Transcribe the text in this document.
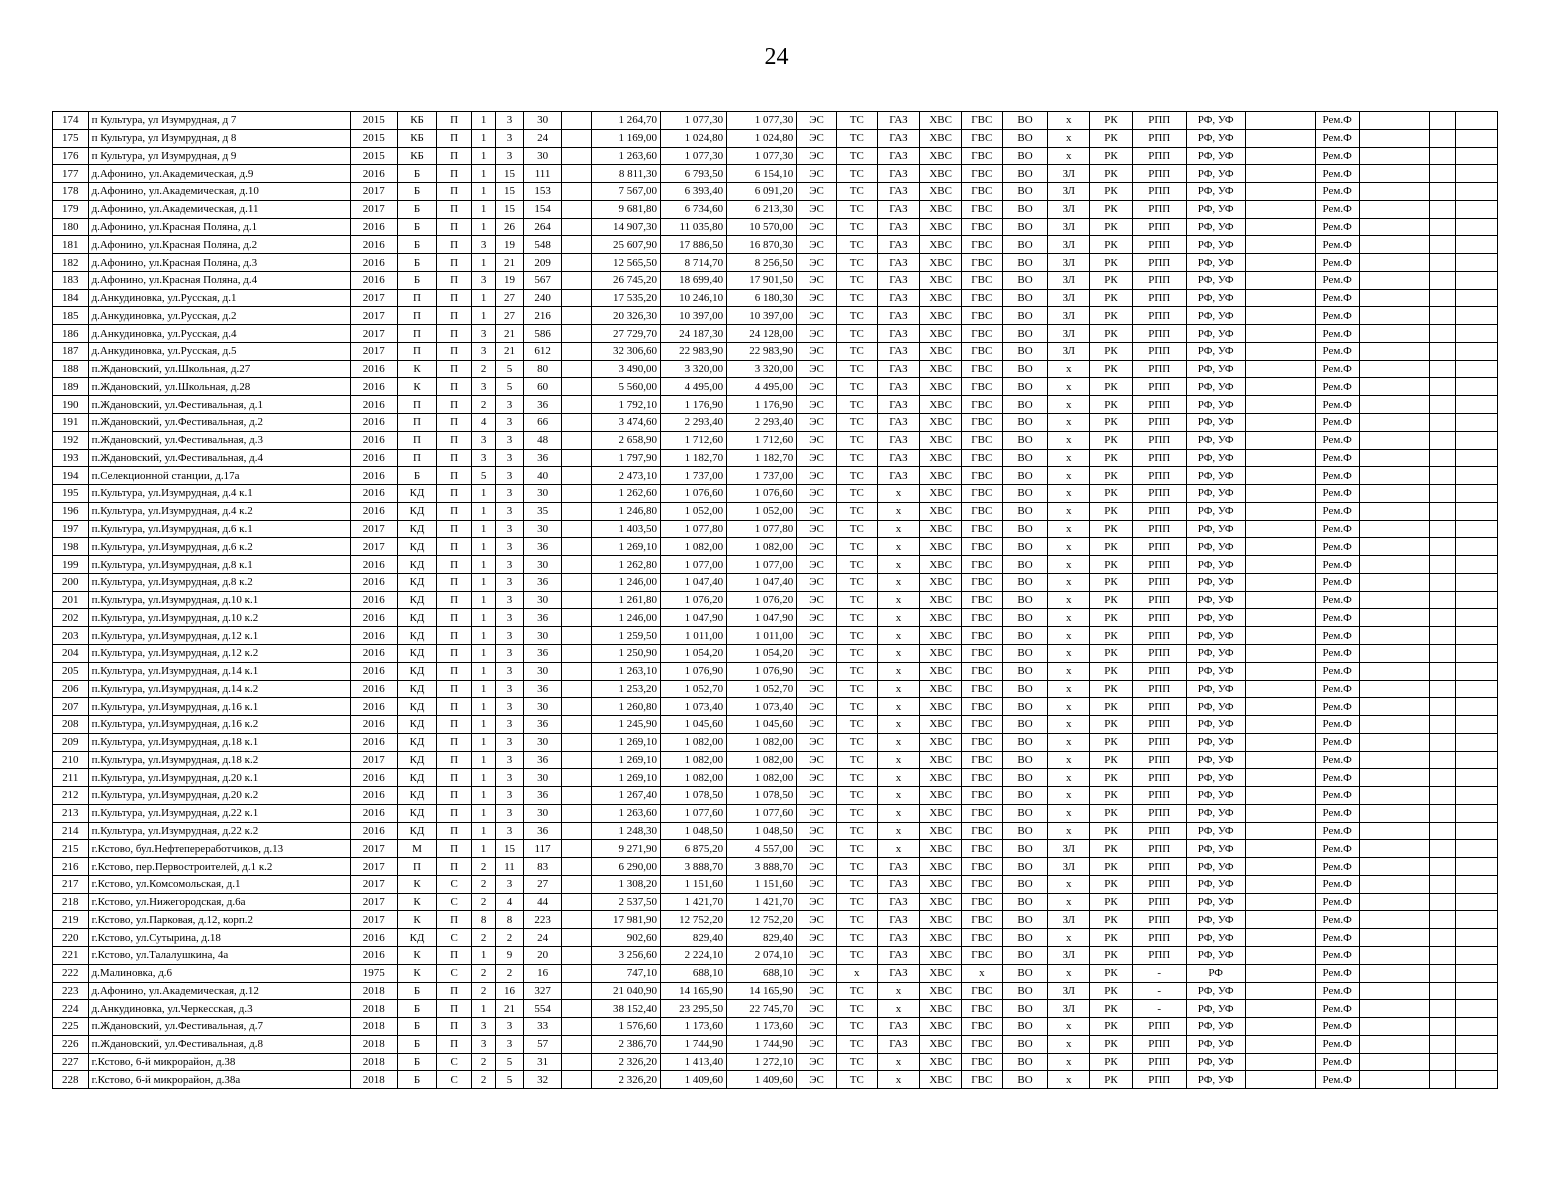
24
174	п Культура, ул Изумрудная, д 7	2015	КБ	П	1	3	30		1 264,70	1 077,30	1 077,30	ЭС	ТС	ГАЗ	ХВС	ГВС	ВО	х	РК	РПП	РФ, УФ		Рем.Ф			
175	п Культура, ул Изумрудная, д 8	2015	КБ	П	1	3	24		1 169,00	1 024,80	1 024,80	ЭС	ТС	ГАЗ	ХВС	ГВС	ВО	х	РК	РПП	РФ, УФ		Рем.Ф			
176	п Культура, ул Изумрудная, д 9	2015	КБ	П	1	3	30		1 263,60	1 077,30	1 077,30	ЭС	ТС	ГАЗ	ХВС	ГВС	ВО	х	РК	РПП	РФ, УФ		Рем.Ф			
177	д.Афонино, ул.Академическая, д.9	2016	Б	П	1	15	111		8 811,30	6 793,50	6 154,10	ЭС	ТС	ГАЗ	ХВС	ГВС	ВО	ЗЛ	РК	РПП	РФ, УФ		Рем.Ф			
178	д.Афонино, ул.Академическая, д.10	2017	Б	П	1	15	153		7 567,00	6 393,40	6 091,20	ЭС	ТС	ГАЗ	ХВС	ГВС	ВО	ЗЛ	РК	РПП	РФ, УФ		Рем.Ф			
179	д.Афонино, ул.Академическая, д.11	2017	Б	П	1	15	154		9 681,80	6 734,60	6 213,30	ЭС	ТС	ГАЗ	ХВС	ГВС	ВО	ЗЛ	РК	РПП	РФ, УФ		Рем.Ф			
180	д.Афонино, ул.Красная Поляна, д.1	2016	Б	П	1	26	264		14 907,30	11 035,80	10 570,00	ЭС	ТС	ГАЗ	ХВС	ГВС	ВО	ЗЛ	РК	РПП	РФ, УФ		Рем.Ф			
181	д.Афонино, ул.Красная Поляна, д.2	2016	Б	П	3	19	548		25 607,90	17 886,50	16 870,30	ЭС	ТС	ГАЗ	ХВС	ГВС	ВО	ЗЛ	РК	РПП	РФ, УФ		Рем.Ф			
182	д.Афонино, ул.Красная Поляна, д.3	2016	Б	П	1	21	209		12 565,50	8 714,70	8 256,50	ЭС	ТС	ГАЗ	ХВС	ГВС	ВО	ЗЛ	РК	РПП	РФ, УФ		Рем.Ф			
183	д.Афонино, ул.Красная Поляна, д.4	2016	Б	П	3	19	567		26 745,20	18 699,40	17 901,50	ЭС	ТС	ГАЗ	ХВС	ГВС	ВО	ЗЛ	РК	РПП	РФ, УФ		Рем.Ф			
184	д.Анкудиновка, ул.Русская, д.1	2017	П	П	1	27	240		17 535,20	10 246,10	6 180,30	ЭС	ТС	ГАЗ	ХВС	ГВС	ВО	ЗЛ	РК	РПП	РФ, УФ		Рем.Ф			
185	д.Анкудиновка, ул.Русская, д.2	2017	П	П	1	27	216		20 326,30	10 397,00	10 397,00	ЭС	ТС	ГАЗ	ХВС	ГВС	ВО	ЗЛ	РК	РПП	РФ, УФ		Рем.Ф			
186	д.Анкудиновка, ул.Русская, д.4	2017	П	П	3	21	586		27 729,70	24 187,30	24 128,00	ЭС	ТС	ГАЗ	ХВС	ГВС	ВО	ЗЛ	РК	РПП	РФ, УФ		Рем.Ф			
187	д.Анкудиновка, ул.Русская, д.5	2017	П	П	3	21	612		32 306,60	22 983,90	22 983,90	ЭС	ТС	ГАЗ	ХВС	ГВС	ВО	ЗЛ	РК	РПП	РФ, УФ		Рем.Ф			
188	п.Ждановский, ул.Школьная, д.27	2016	К	П	2	5	80		3 490,00	3 320,00	3 320,00	ЭС	ТС	ГАЗ	ХВС	ГВС	ВО	х	РК	РПП	РФ, УФ		Рем.Ф			
189	п.Ждановский, ул.Школьная, д.28	2016	К	П	3	5	60		5 560,00	4 495,00	4 495,00	ЭС	ТС	ГАЗ	ХВС	ГВС	ВО	х	РК	РПП	РФ, УФ		Рем.Ф			
190	п.Ждановский, ул.Фестивальная, д.1	2016	П	П	2	3	36		1 792,10	1 176,90	1 176,90	ЭС	ТС	ГАЗ	ХВС	ГВС	ВО	х	РК	РПП	РФ, УФ		Рем.Ф			
191	п.Ждановский, ул.Фестивальная, д.2	2016	П	П	4	3	66		3 474,60	2 293,40	2 293,40	ЭС	ТС	ГАЗ	ХВС	ГВС	ВО	х	РК	РПП	РФ, УФ		Рем.Ф			
192	п.Ждановский, ул.Фестивальная, д.3	2016	П	П	3	3	48		2 658,90	1 712,60	1 712,60	ЭС	ТС	ГАЗ	ХВС	ГВС	ВО	х	РК	РПП	РФ, УФ		Рем.Ф			
193	п.Ждановский, ул.Фестивальная, д.4	2016	П	П	3	3	36		1 797,90	1 182,70	1 182,70	ЭС	ТС	ГАЗ	ХВС	ГВС	ВО	х	РК	РПП	РФ, УФ		Рем.Ф			
194	п.Селекционной станции, д.17а	2016	Б	П	5	3	40		2 473,10	1 737,00	1 737,00	ЭС	ТС	ГАЗ	ХВС	ГВС	ВО	х	РК	РПП	РФ, УФ		Рем.Ф			
195	п.Культура, ул.Изумрудная, д.4 к.1	2016	КД	П	1	3	30		1 262,60	1 076,60	1 076,60	ЭС	ТС	х	ХВС	ГВС	ВО	х	РК	РПП	РФ, УФ		Рем.Ф			
196	п.Культура, ул.Изумрудная, д.4 к.2	2016	КД	П	1	3	35		1 246,80	1 052,00	1 052,00	ЭС	ТС	х	ХВС	ГВС	ВО	х	РК	РПП	РФ, УФ		Рем.Ф			
197	п.Культура, ул.Изумрудная, д.6 к.1	2017	КД	П	1	3	30		1 403,50	1 077,80	1 077,80	ЭС	ТС	х	ХВС	ГВС	ВО	х	РК	РПП	РФ, УФ		Рем.Ф			
198	п.Культура, ул.Изумрудная, д.6 к.2	2017	КД	П	1	3	36		1 269,10	1 082,00	1 082,00	ЭС	ТС	х	ХВС	ГВС	ВО	х	РК	РПП	РФ, УФ		Рем.Ф			
199	п.Культура, ул.Изумрудная, д.8 к.1	2016	КД	П	1	3	30		1 262,80	1 077,00	1 077,00	ЭС	ТС	х	ХВС	ГВС	ВО	х	РК	РПП	РФ, УФ		Рем.Ф			
200	п.Культура, ул.Изумрудная, д.8 к.2	2016	КД	П	1	3	36		1 246,00	1 047,40	1 047,40	ЭС	ТС	х	ХВС	ГВС	ВО	х	РК	РПП	РФ, УФ		Рем.Ф			
201	п.Культура, ул.Изумрудная, д.10 к.1	2016	КД	П	1	3	30		1 261,80	1 076,20	1 076,20	ЭС	ТС	х	ХВС	ГВС	ВО	х	РК	РПП	РФ, УФ		Рем.Ф			
202	п.Культура, ул.Изумрудная, д.10 к.2	2016	КД	П	1	3	36		1 246,00	1 047,90	1 047,90	ЭС	ТС	х	ХВС	ГВС	ВО	х	РК	РПП	РФ, УФ		Рем.Ф			
203	п.Культура, ул.Изумрудная, д.12 к.1	2016	КД	П	1	3	30		1 259,50	1 011,00	1 011,00	ЭС	ТС	х	ХВС	ГВС	ВО	х	РК	РПП	РФ, УФ		Рем.Ф			
204	п.Культура, ул.Изумрудная, д.12 к.2	2016	КД	П	1	3	36		1 250,90	1 054,20	1 054,20	ЭС	ТС	х	ХВС	ГВС	ВО	х	РК	РПП	РФ, УФ		Рем.Ф			
205	п.Культура, ул.Изумрудная, д.14 к.1	2016	КД	П	1	3	30		1 263,10	1 076,90	1 076,90	ЭС	ТС	х	ХВС	ГВС	ВО	х	РК	РПП	РФ, УФ		Рем.Ф			
206	п.Культура, ул.Изумрудная, д.14 к.2	2016	КД	П	1	3	36		1 253,20	1 052,70	1 052,70	ЭС	ТС	х	ХВС	ГВС	ВО	х	РК	РПП	РФ, УФ		Рем.Ф			
207	п.Культура, ул.Изумрудная, д.16 к.1	2016	КД	П	1	3	30		1 260,80	1 073,40	1 073,40	ЭС	ТС	х	ХВС	ГВС	ВО	х	РК	РПП	РФ, УФ		Рем.Ф			
208	п.Культура, ул.Изумрудная, д.16 к.2	2016	КД	П	1	3	36		1 245,90	1 045,60	1 045,60	ЭС	ТС	х	ХВС	ГВС	ВО	х	РК	РПП	РФ, УФ		Рем.Ф			
209	п.Культура, ул.Изумрудная, д.18 к.1	2016	КД	П	1	3	30		1 269,10	1 082,00	1 082,00	ЭС	ТС	х	ХВС	ГВС	ВО	х	РК	РПП	РФ, УФ		Рем.Ф			
210	п.Культура, ул.Изумрудная, д.18 к.2	2017	КД	П	1	3	36		1 269,10	1 082,00	1 082,00	ЭС	ТС	х	ХВС	ГВС	ВО	х	РК	РПП	РФ, УФ		Рем.Ф			
211	п.Культура, ул.Изумрудная, д.20 к.1	2016	КД	П	1	3	30		1 269,10	1 082,00	1 082,00	ЭС	ТС	х	ХВС	ГВС	ВО	х	РК	РПП	РФ, УФ		Рем.Ф			
212	п.Культура, ул.Изумрудная, д.20 к.2	2016	КД	П	1	3	36		1 267,40	1 078,50	1 078,50	ЭС	ТС	х	ХВС	ГВС	ВО	х	РК	РПП	РФ, УФ		Рем.Ф			
213	п.Культура, ул.Изумрудная, д.22 к.1	2016	КД	П	1	3	30		1 263,60	1 077,60	1 077,60	ЭС	ТС	х	ХВС	ГВС	ВО	х	РК	РПП	РФ, УФ		Рем.Ф			
214	п.Культура, ул.Изумрудная, д.22 к.2	2016	КД	П	1	3	36		1 248,30	1 048,50	1 048,50	ЭС	ТС	х	ХВС	ГВС	ВО	х	РК	РПП	РФ, УФ		Рем.Ф			
215	г.Кстово, бул.Нефтепереработчиков, д.13	2017	М	П	1	15	117		9 271,90	6 875,20	4 557,00	ЭС	ТС	х	ХВС	ГВС	ВО	ЗЛ	РК	РПП	РФ, УФ		Рем.Ф			
216	г.Кстово, пер.Первостроителей, д.1 к.2	2017	П	П	2	11	83		6 290,00	3 888,70	3 888,70	ЭС	ТС	ГАЗ	ХВС	ГВС	ВО	ЗЛ	РК	РПП	РФ, УФ		Рем.Ф			
217	г.Кстово, ул.Комсомольская, д.1	2017	К	С	2	3	27		1 308,20	1 151,60	1 151,60	ЭС	ТС	ГАЗ	ХВС	ГВС	ВО	х	РК	РПП	РФ, УФ		Рем.Ф			
218	г.Кстово, ул.Нижегородская, д.6а	2017	К	С	2	4	44		2 537,50	1 421,70	1 421,70	ЭС	ТС	ГАЗ	ХВС	ГВС	ВО	х	РК	РПП	РФ, УФ		Рем.Ф			
219	г.Кстово, ул.Парковая, д.12, корп.2	2017	К	П	8	8	223		17 981,90	12 752,20	12 752,20	ЭС	ТС	ГАЗ	ХВС	ГВС	ВО	ЗЛ	РК	РПП	РФ, УФ		Рем.Ф			
220	г.Кстово, ул.Сутырина, д.18	2016	КД	С	2	2	24		902,60	829,40	829,40	ЭС	ТС	ГАЗ	ХВС	ГВС	ВО	х	РК	РПП	РФ, УФ		Рем.Ф			
221	г.Кстово, ул.Талалушкина, 4а	2016	К	П	1	9	20		3 256,60	2 224,10	2 074,10	ЭС	ТС	ГАЗ	ХВС	ГВС	ВО	ЗЛ	РК	РПП	РФ, УФ		Рем.Ф			
222	д.Малиновка, д.6	1975	К	С	2	2	16		747,10	688,10	688,10	ЭС	х	ГАЗ	ХВС	х	ВО	х	РК	-	РФ		Рем.Ф			
223	д.Афонино, ул.Академическая, д.12	2018	Б	П	2	16	327		21 040,90	14 165,90	14 165,90	ЭС	ТС	х	ХВС	ГВС	ВО	ЗЛ	РК	-	РФ, УФ		Рем.Ф			
224	д.Анкудиновка, ул.Черкесская, д.3	2018	Б	П	1	21	554		38 152,40	23 295,50	22 745,70	ЭС	ТС	х	ХВС	ГВС	ВО	ЗЛ	РК	-	РФ, УФ		Рем.Ф			
225	п.Ждановский, ул.Фестивальная, д.7	2018	Б	П	3	3	33		1 576,60	1 173,60	1 173,60	ЭС	ТС	ГАЗ	ХВС	ГВС	ВО	х	РК	РПП	РФ, УФ		Рем.Ф			
226	п.Ждановский, ул.Фестивальная, д.8	2018	Б	П	3	3	57		2 386,70	1 744,90	1 744,90	ЭС	ТС	ГАЗ	ХВС	ГВС	ВО	х	РК	РПП	РФ, УФ		Рем.Ф			
227	г.Кстово, 6-й микрорайон, д.38	2018	Б	С	2	5	31		2 326,20	1 413,40	1 272,10	ЭС	ТС	х	ХВС	ГВС	ВО	х	РК	РПП	РФ, УФ		Рем.Ф			
228	г.Кстово, 6-й микрорайон, д.38а	2018	Б	С	2	5	32		2 326,20	1 409,60	1 409,60	ЭС	ТС	х	ХВС	ГВС	ВО	х	РК	РПП	РФ, УФ		Рем.Ф			
